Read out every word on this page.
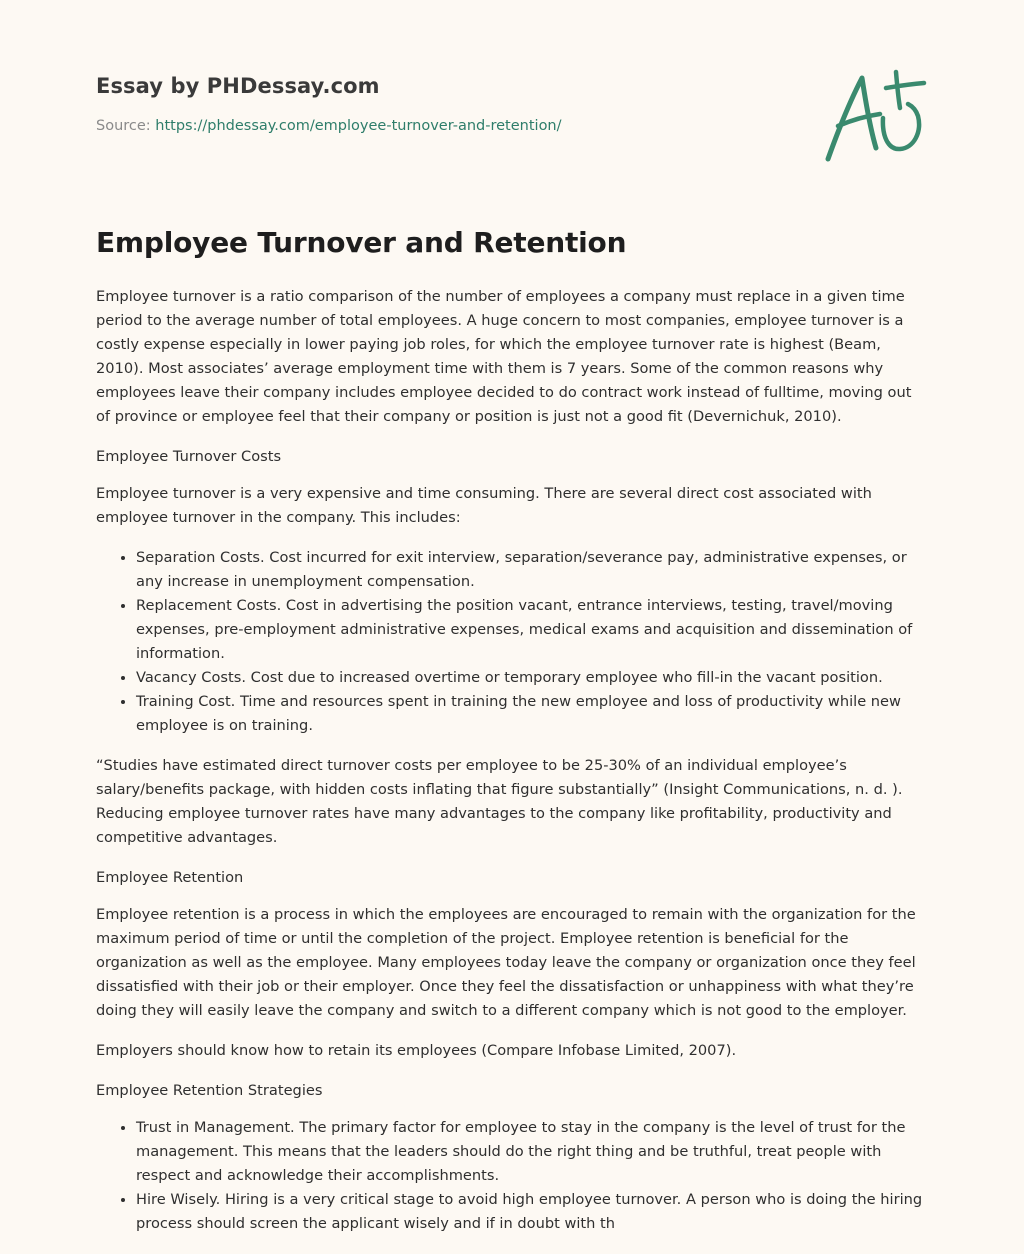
Essay by PHDessay.com
Source: https://phdessay.com/employee-turnover-and-retention/
Employee Turnover and Retention

Employee turnover is a ratio comparison of the number of employees a company must replace in a given time period to the average number of total employees. A huge concern to most companies, employee turnover is a costly expense especially in lower paying job roles, for which the employee turnover rate is highest (Beam, 2010). Most associates’ average employment time with them is 7 years. Some of the common reasons why employees leave their company includes employee decided to do contract work instead of fulltime, moving out of province or employee feel that their company or position is just not a good fit (Devernichuk, 2010).

Employee Turnover Costs

Employee turnover is a very expensive and time consuming. There are several direct cost associated with employee turnover in the company. This includes:

• Separation Costs. Cost incurred for exit interview, separation/severance pay, administrative expenses, or any increase in unemployment compensation.
• Replacement Costs. Cost in advertising the position vacant, entrance interviews, testing, travel/moving expenses, pre-employment administrative expenses, medical exams and acquisition and dissemination of information.
• Vacancy Costs. Cost due to increased overtime or temporary employee who fill-in the vacant position.
• Training Cost. Time and resources spent in training the new employee and loss of productivity while new employee is on training.

“Studies have estimated direct turnover costs per employee to be 25-30% of an individual employee’s salary/benefits package, with hidden costs inflating that figure substantially” (Insight Communications, n. d. ). Reducing employee turnover rates have many advantages to the company like profitability, productivity and competitive advantages.

Employee Retention

Employee retention is a process in which the employees are encouraged to remain with the organization for the maximum period of time or until the completion of the project. Employee retention is beneficial for the organization as well as the employee. Many employees today leave the company or organization once they feel dissatisfied with their job or their employer. Once they feel the dissatisfaction or unhappiness with what they’re doing they will easily leave the company and switch to a different company which is not good to the employer.

Employers should know how to retain its employees (Compare Infobase Limited, 2007).

Employee Retention Strategies

• Trust in Management. The primary factor for employee to stay in the company is the level of trust for the management. This means that the leaders should do the right thing and be truthful, treat people with respect and acknowledge their accomplishments.
• Hire Wisely. Hiring is a very critical stage to avoid high employee turnover. A person who is doing the hiring process should screen the applicant wisely and if in doubt with th
